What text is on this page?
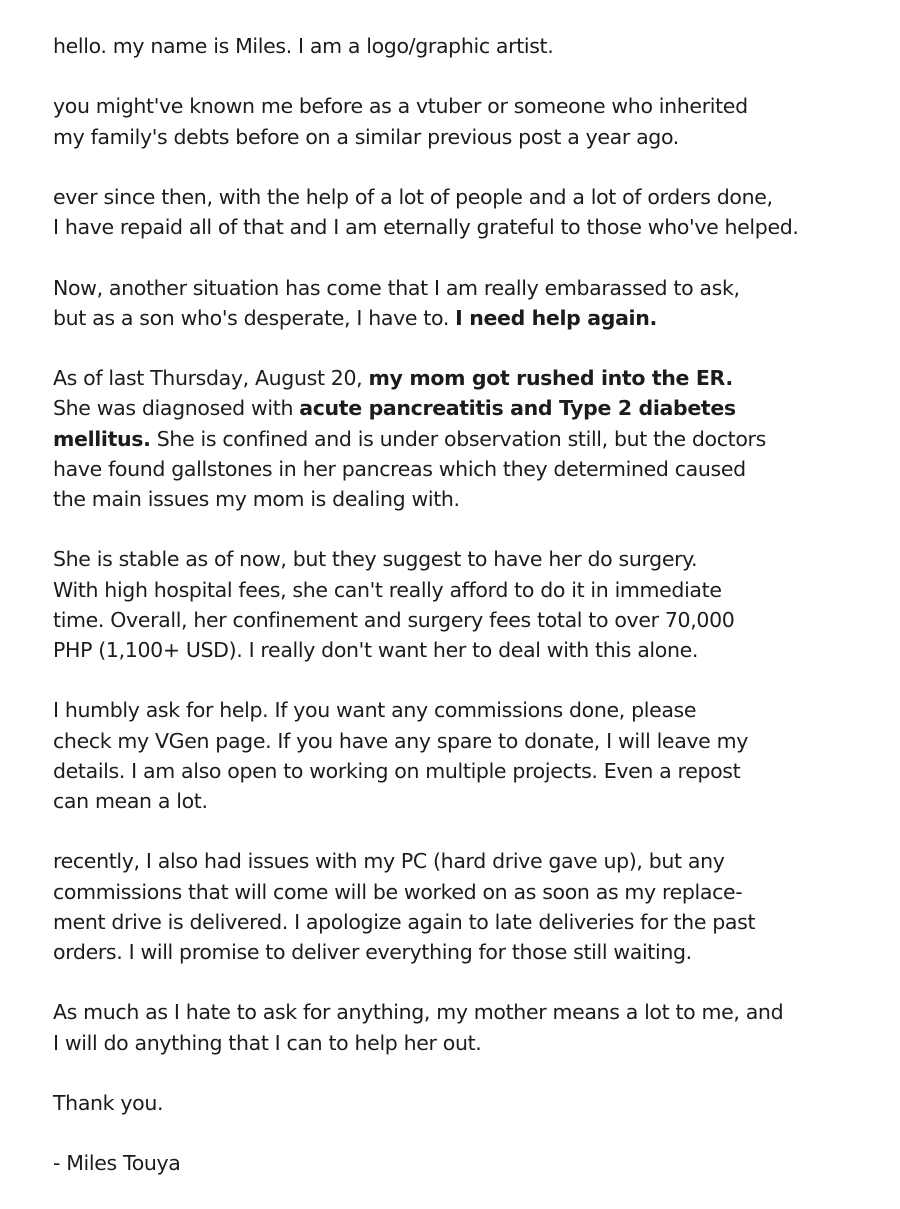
hello. my name is Miles. I am a logo/graphic artist.
you might've known me before as a vtuber or someone who inherited
my family's debts before on a similar previous post a year ago.
ever since then, with the help of a lot of people and a lot of orders done,
I have repaid all of that and I am eternally grateful to those who've helped.
Now, another situation has come that I am really embarassed to ask,
but as a son who's desperate, I have to. I need help again.
As of last Thursday, August 20, my mom got rushed into the ER.
She was diagnosed with acute pancreatitis and Type 2 diabetes
mellitus. She is confined and is under observation still, but the doctors
have found gallstones in her pancreas which they determined caused
the main issues my mom is dealing with.
She is stable as of now, but they suggest to have her do surgery.
With high hospital fees, she can't really afford to do it in immediate
time. Overall, her confinement and surgery fees total to over 70,000
PHP (1,100+ USD). I really don't want her to deal with this alone.
I humbly ask for help. If you want any commissions done, please
check my VGen page. If you have any spare to donate, I will leave my
details. I am also open to working on multiple projects. Even a repost
can mean a lot.
recently, I also had issues with my PC (hard drive gave up), but any
commissions that will come will be worked on as soon as my replace-
ment drive is delivered. I apologize again to late deliveries for the past
orders. I will promise to deliver everything for those still waiting.
As much as I hate to ask for anything, my mother means a lot to me, and
I will do anything that I can to help her out.
Thank you.
- Miles Touya
